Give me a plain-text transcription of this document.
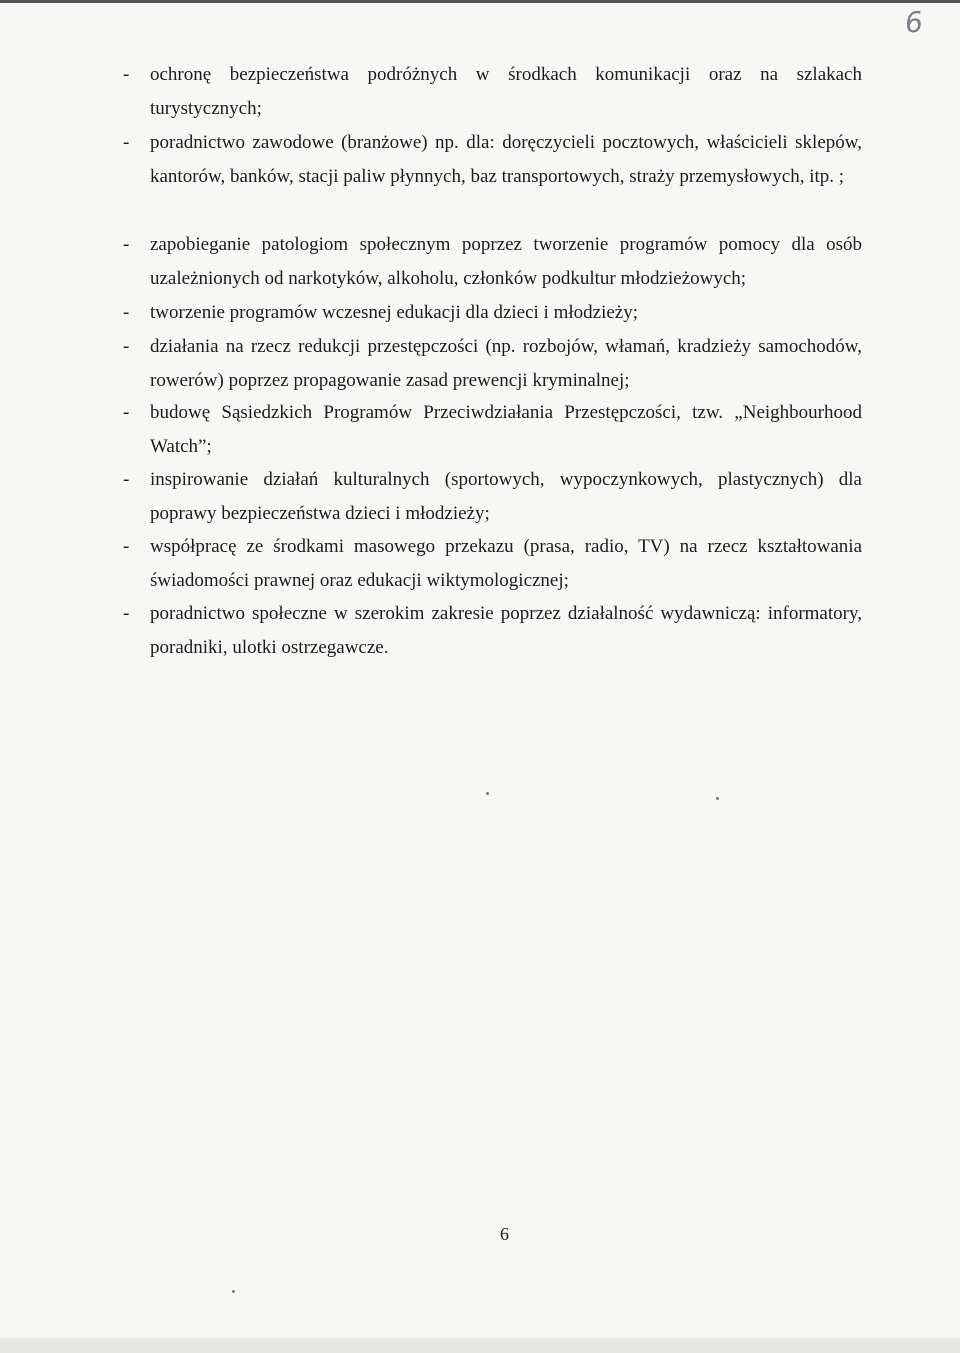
6
- ochronę bezpieczeństwa podróżnych w środkach komunikacji oraz na szlakach turystycznych;
- poradnictwo zawodowe (branżowe) np. dla: doręczycieli pocztowych, właścicieli sklepów, kantorów, banków, stacji paliw płynnych, baz transportowych, straży przemysłowych, itp. ;
- zapobieganie patologiom społecznym poprzez tworzenie programów pomocy dla osób uzależnionych od narkotyków, alkoholu, członków podkultur młodzieżowych;
- tworzenie programów wczesnej edukacji dla dzieci i młodzieży;
- działania na rzecz redukcji przestępczości (np. rozbojów, włamań, kradzieży samochodów, rowerów) poprzez propagowanie zasad prewencji kryminalnej;
- budowę Sąsiedzkich Programów Przeciwdziałania Przestępczości, tzw. „Neighbourhood Watch”;
- inspirowanie działań kulturalnych (sportowych, wypoczynkowych, plastycznych) dla poprawy bezpieczeństwa dzieci i młodzieży;
- współpracę ze środkami masowego przekazu (prasa, radio, TV) na rzecz kształtowania świadomości prawnej oraz edukacji wiktymologicznej;
- poradnictwo społeczne w szerokim zakresie poprzez działalność wydawniczą: informatory, poradniki, ulotki ostrzegawcze.
6
